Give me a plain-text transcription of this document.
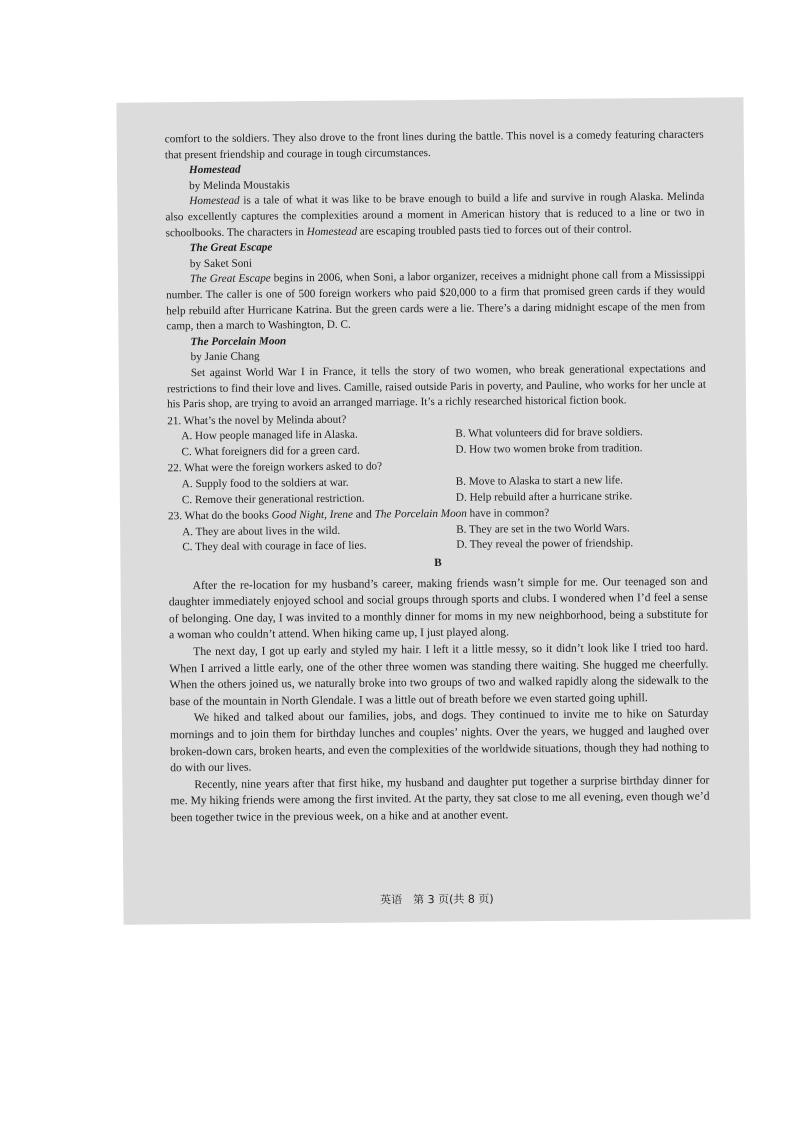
comfort to the soldiers. They also drove to the front lines during the battle. This novel is a comedy featuring characters that present friendship and courage in tough circumstances.

Homestead

by Melinda Moustakis

Homestead is a tale of what it was like to be brave enough to build a life and survive in rough Alaska. Melinda also excellently captures the complexities around a moment in American history that is reduced to a line or two in schoolbooks. The characters in Homestead are escaping troubled pasts tied to forces out of their control.

The Great Escape

by Saket Soni

The Great Escape begins in 2006, when Soni, a labor organizer, receives a midnight phone call from a Mississippi number. The caller is one of 500 foreign workers who paid $20,000 to a firm that promised green cards if they would help rebuild after Hurricane Katrina. But the green cards were a lie. There’s a daring midnight escape of the men from camp, then a march to Washington, D. C.

The Porcelain Moon

by Janie Chang

Set against World War I in France, it tells the story of two women, who break generational expectations and restrictions to find their love and lives. Camille, raised outside Paris in poverty, and Pauline, who works for her uncle at his Paris shop, are trying to avoid an arranged marriage. It’s a richly researched historical fiction book.

21. What’s the novel by Melinda about?

A. How people managed life in Alaska.	B. What volunteers did for brave soldiers.
C. What foreigners did for a green card.	D. How two women broke from tradition.

22. What were the foreign workers asked to do?

A. Supply food to the soldiers at war.	B. Move to Alaska to start a new life.
C. Remove their generational restriction.	D. Help rebuild after a hurricane strike.

23. What do the books Good Night, Irene and The Porcelain Moon have in common?

A. They are about lives in the wild.	B. They are set in the two World Wars.
C. They deal with courage in face of lies.	D. They reveal the power of friendship.

B

After the re-location for my husband’s career, making friends wasn’t simple for me. Our teenaged son and daughter immediately enjoyed school and social groups through sports and clubs. I wondered when I’d feel a sense of belonging. One day, I was invited to a monthly dinner for moms in my new neighborhood, being a substitute for a woman who couldn’t attend. When hiking came up, I just played along.

The next day, I got up early and styled my hair. I left it a little messy, so it didn’t look like I tried too hard. When I arrived a little early, one of the other three women was standing there waiting. She hugged me cheerfully. When the others joined us, we naturally broke into two groups of two and walked rapidly along the sidewalk to the base of the mountain in North Glendale. I was a little out of breath before we even started going uphill.

We hiked and talked about our families, jobs, and dogs. They continued to invite me to hike on Saturday mornings and to join them for birthday lunches and couples’ nights. Over the years, we hugged and laughed over broken-down cars, broken hearts, and even the complexities of the worldwide situations, though they had nothing to do with our lives.

Recently, nine years after that first hike, my husband and daughter put together a surprise birthday dinner for me. My hiking friends were among the first invited. At the party, they sat close to me all evening, even though we’d been together twice in the previous week, on a hike and at another event.

英语　第 3 页(共 8 页)
